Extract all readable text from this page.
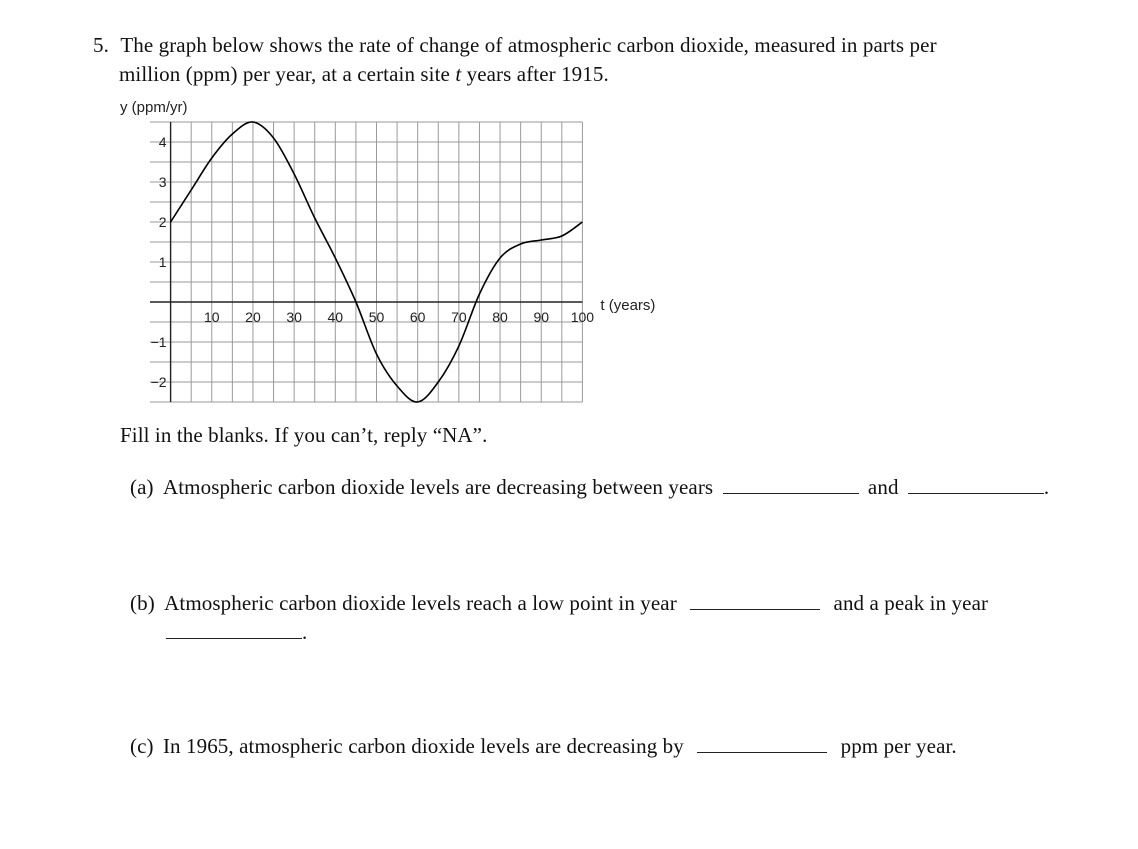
5. The graph below shows the rate of change of atmospheric carbon dioxide, measured in parts per
million (ppm) per year, at a certain site t years after 1915.
10 20 30 40 50 60 70 80 90 100
−2
−1
1
2
3
4
y (ppm/yr)
t (years)
Fill in the blanks. If you can’t, reply “NA”.
(a) Atmospheric carbon dioxide levels are decreasing between years	and	.
(b) Atmospheric carbon dioxide levels reach a low point in year	and a peak in year
.
(c) In 1965, atmospheric carbon dioxide levels are decreasing by	ppm per year.
